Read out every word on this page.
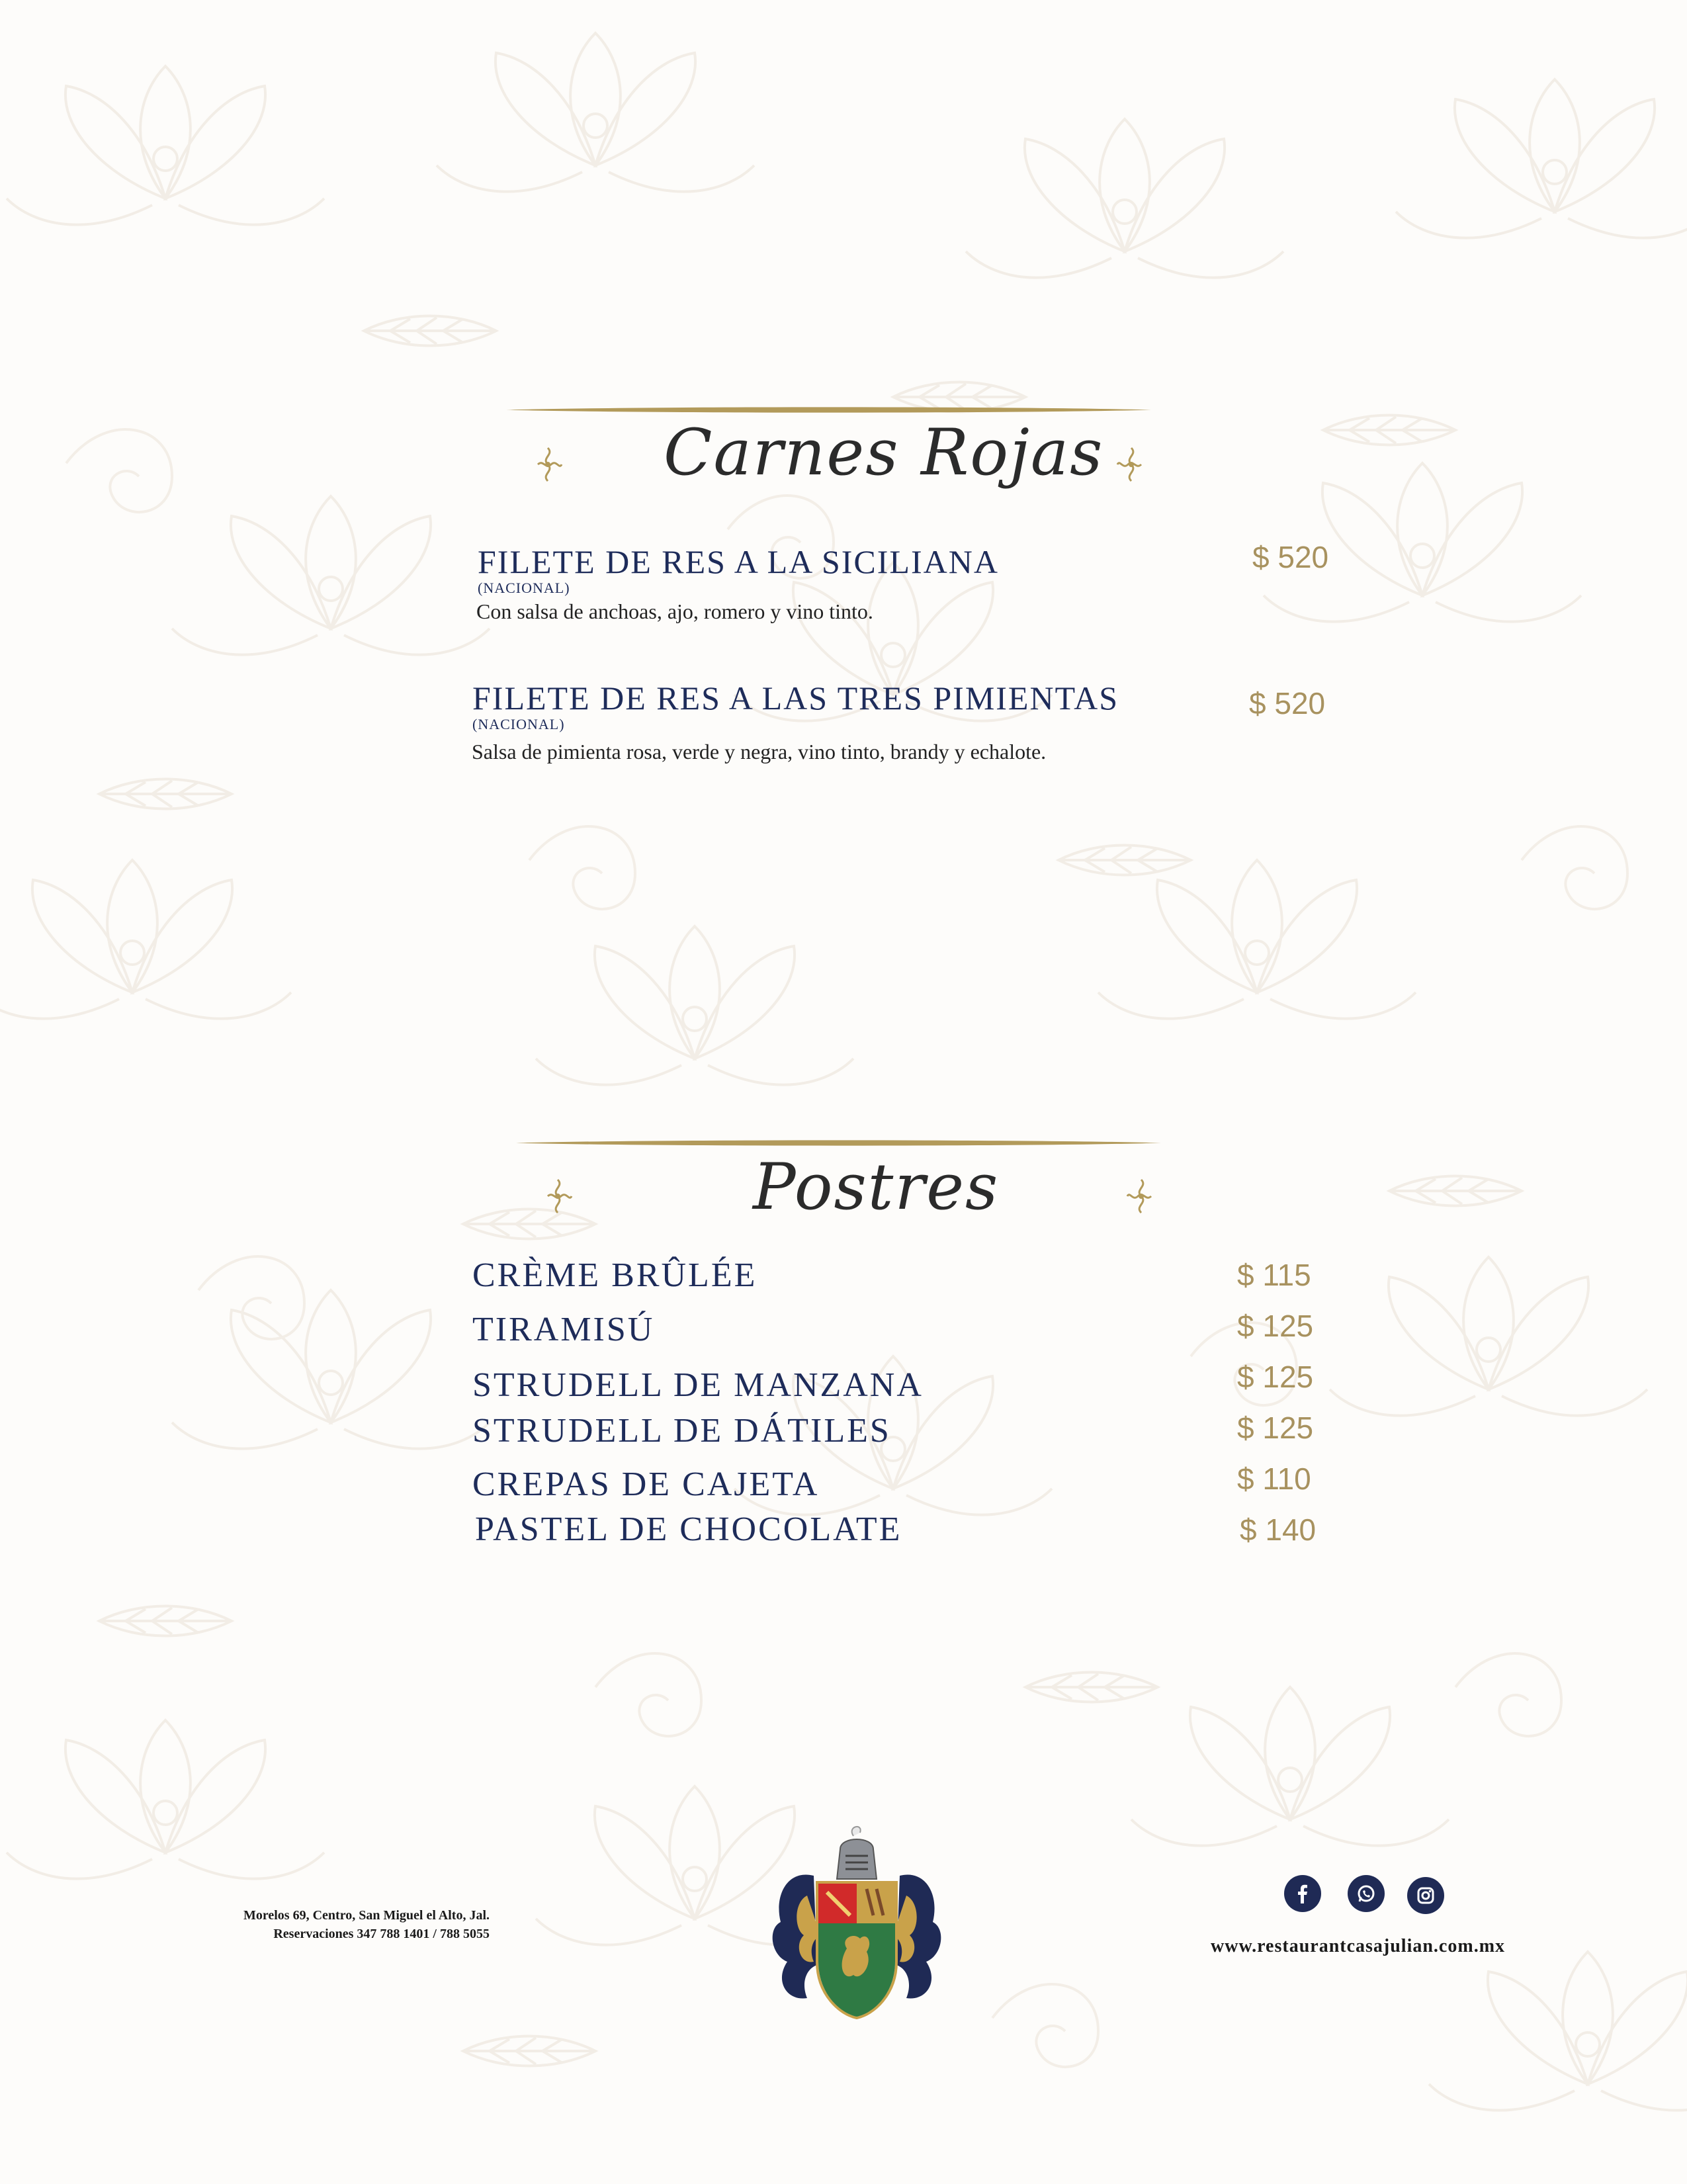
Carnes Rojas
FILETE DE RES A LA SICILIANA
(NACIONAL)
Con salsa de anchoas, ajo, romero y vino tinto.
$ 520
FILETE DE RES A LAS TRES PIMIENTAS
(NACIONAL)
Salsa de pimienta rosa, verde y negra, vino tinto, brandy y echalote.
$ 520
Postres
CRÈME BRÛLÉE	$ 115
TIRAMISÚ	$ 125
STRUDELL DE MANZANA	$ 125
STRUDELL DE DÁTILES	$ 125
CREPAS DE CAJETA	$ 110
PASTEL DE CHOCOLATE	$ 140
Morelos 69, Centro, San Miguel el Alto, Jal.
Reservaciones 347 788 1401 / 788 5055
www.restaurantcasajulian.com.mx
